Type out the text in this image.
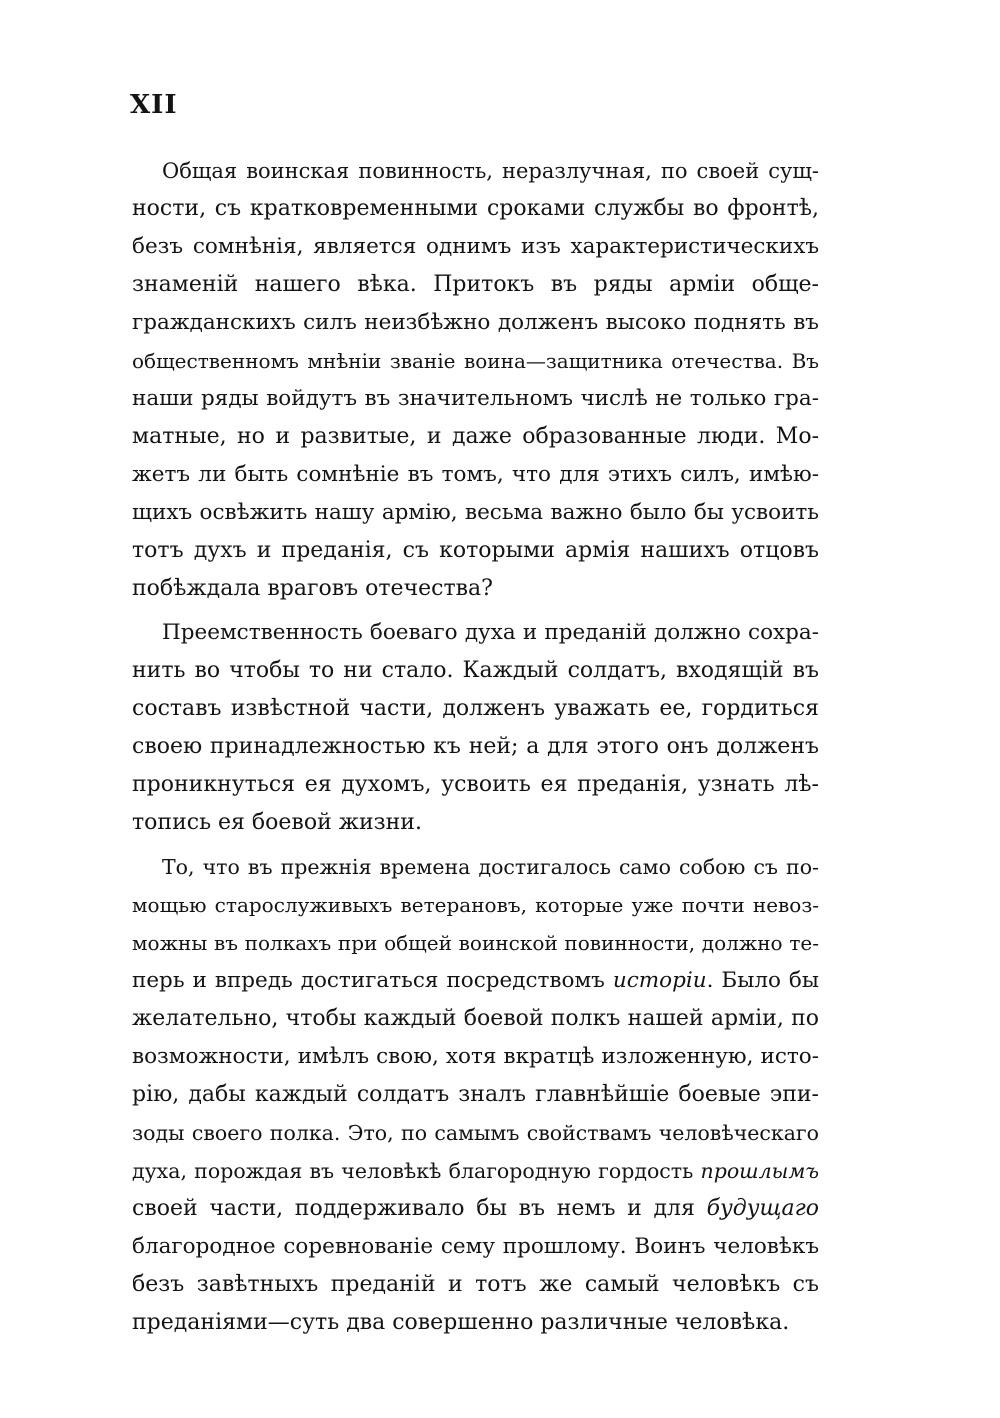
XII
Общая воинская повинность, неразлучная, по своей сущ-
ности, съ кратковременными сроками службы во фронтѣ,
безъ сомнѣнія, является однимъ изъ характеристическихъ
знаменій нашего вѣка. Притокъ въ ряды арміи обще-
гражданскихъ силъ неизбѣжно долженъ высоко поднять въ
общественномъ мнѣніи званіе воина—защитника отечества. Въ
наши ряды войдутъ въ значительномъ числѣ не только гра-
матные, но и развитые, и даже образованные люди. Мо-
жетъ ли быть сомнѣніе въ томъ, что для этихъ силъ, имѣю-
щихъ освѣжить нашу армію, весьма важно было бы усвоить
тотъ духъ и преданія, съ которыми армія нашихъ отцовъ
побѣждала враговъ отечества?
Преемственность боеваго духа и преданій должно сохра-
нить во чтобы то ни стало. Каждый солдатъ, входящій въ
составъ извѣстной части, долженъ уважать ее, гордиться
своею принадлежностью къ ней; а для этого онъ долженъ
проникнуться ея духомъ, усвоить ея преданія, узнать лѣ-
топись ея боевой жизни.
То, что въ прежнія времена достигалось само собою съ по-
мощью старослуживыхъ ветерановъ, которые уже почти невоз-
можны въ полкахъ при общей воинской повинности, должно те-
перь и впредь достигаться посредствомъ исторіи. Было бы
желательно, чтобы каждый боевой полкъ нашей арміи, по
возможности, имѣлъ свою, хотя вкратцѣ изложенную, исто-
рію, дабы каждый солдатъ зналъ главнѣйшіе боевые эпи-
зоды своего полка. Это, по самымъ свойствамъ человѣческаго
духа, порождая въ человѣкѣ благородную гордость прошлымъ
своей части, поддерживало бы въ немъ и для будущаго
благородное соревнованіе сему прошлому. Воинъ человѣкъ
безъ завѣтныхъ преданій и тотъ же самый человѣкъ съ
преданіями—суть два совершенно различные человѣка.
